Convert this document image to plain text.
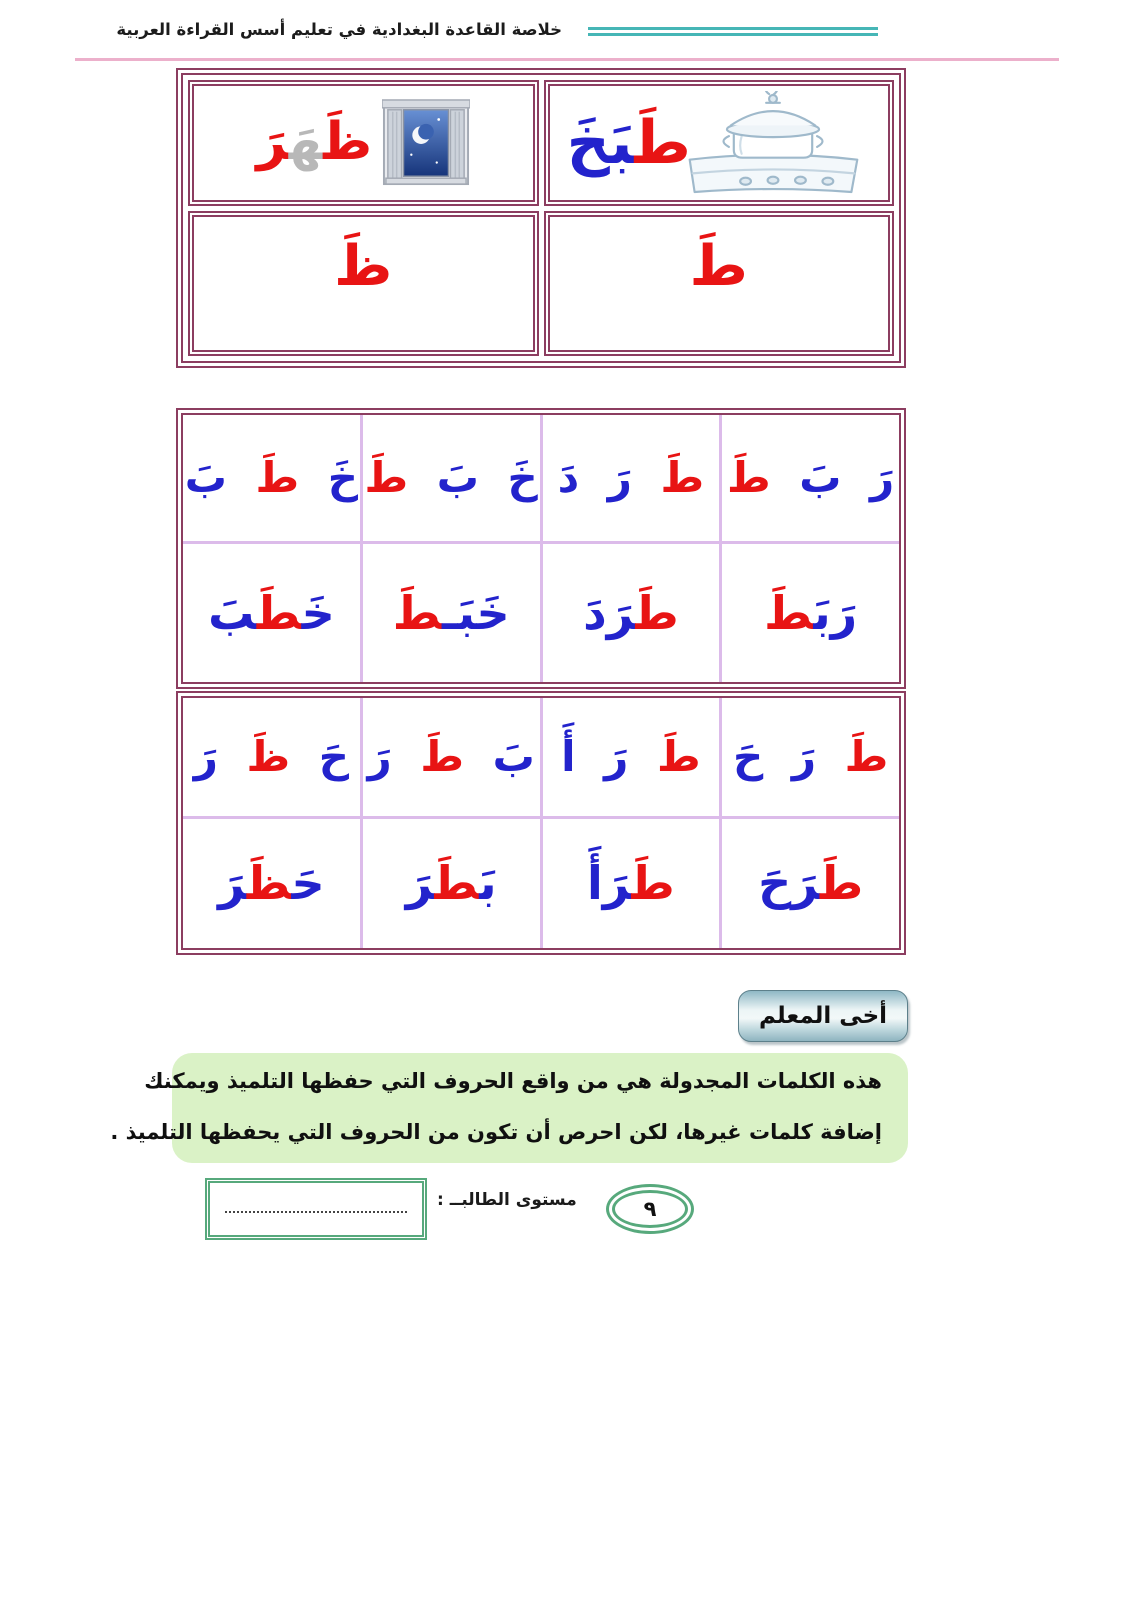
خلاصة القاعدة البغدادية في تعليم أسس القراءة العربية
طَ‍‍بَخَ
ظَ‍‍هَ‍‍رَ
طَ
ظَ
رَ بَ طَ	طَ رَ دَ	خَ بَ طَ	خَ طَ بَ
رَبَ‍‍طَ	طَ‍‍رَدَ	خَبَـ‍‍طَ	خَ‍‍طَ‍‍بَ
طَ رَ حَ	طَ رَ أَ	بَ طَ رَ	حَ ظَ رَ
طَ‍‍رَحَ	طَ‍‍رَأَ	بَ‍‍طَ‍‍رَ	حَ‍‍ظَ‍‍رَ
أخى المعلم
هذه الكلمات المجدولة هي من واقع الحروف التي حفظها التلميذ ويمكنك
إضافة كلمات غيرها، لكن احرص أن تكون من الحروف التي يحفظها التلميذ .
مستوى الطالبــ :	٩
